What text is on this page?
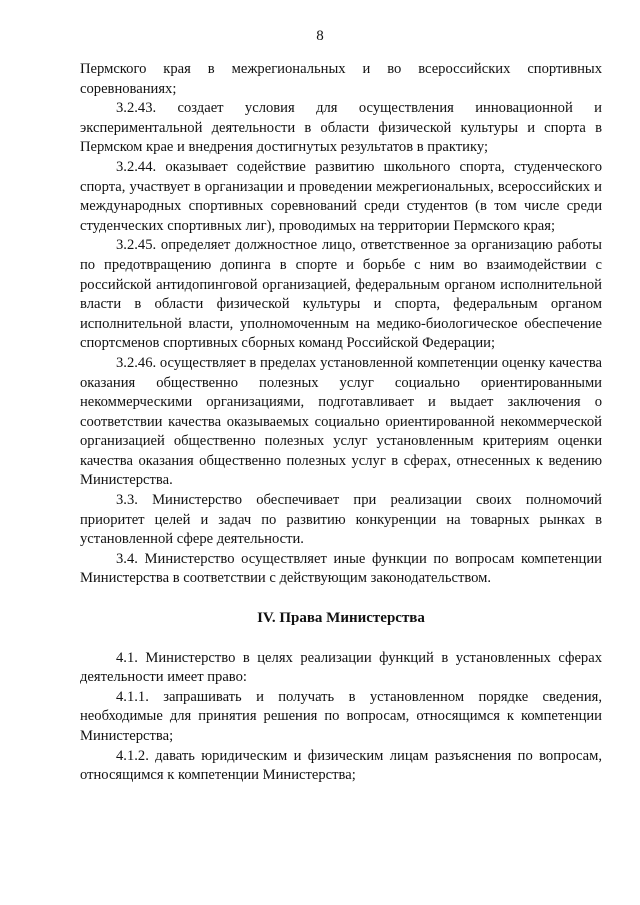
8

Пермского края в межрегиональных и во всероссийских спортивных соревнованиях;

3.2.43. создает условия для осуществления инновационной и экспериментальной деятельности в области физической культуры и спорта в Пермском крае и внедрения достигнутых результатов в практику;

3.2.44. оказывает содействие развитию школьного спорта, студенческого спорта, участвует в организации и проведении межрегиональных, всероссийских и международных спортивных соревнований среди студентов (в том числе среди студенческих спортивных лиг), проводимых на территории Пермского края;

3.2.45. определяет должностное лицо, ответственное за организацию работы по предотвращению допинга в спорте и борьбе с ним во взаимодействии с российской антидопинговой организацией, федеральным органом исполнительной власти в области физической культуры и спорта, федеральным органом исполнительной власти, уполномоченным на медико-биологическое обеспечение спортсменов спортивных сборных команд Российской Федерации;

3.2.46. осуществляет в пределах установленной компетенции оценку качества оказания общественно полезных услуг социально ориентированными некоммерческими организациями, подготавливает и выдает заключения о соответствии качества оказываемых социально ориентированной некоммерческой организацией общественно полезных услуг установленным критериям оценки качества оказания общественно полезных услуг в сферах, отнесенных к ведению Министерства.

3.3. Министерство обеспечивает при реализации своих полномочий приоритет целей и задач по развитию конкуренции на товарных рынках в установленной сфере деятельности.

3.4. Министерство осуществляет иные функции по вопросам компетенции Министерства в соответствии с действующим законодательством.

IV. Права Министерства

4.1. Министерство в целях реализации функций в установленных сферах деятельности имеет право:

4.1.1. запрашивать и получать в установленном порядке сведения, необходимые для принятия решения по вопросам, относящимся к компетенции Министерства;

4.1.2. давать юридическим и физическим лицам разъяснения по вопросам, относящимся к компетенции Министерства;
